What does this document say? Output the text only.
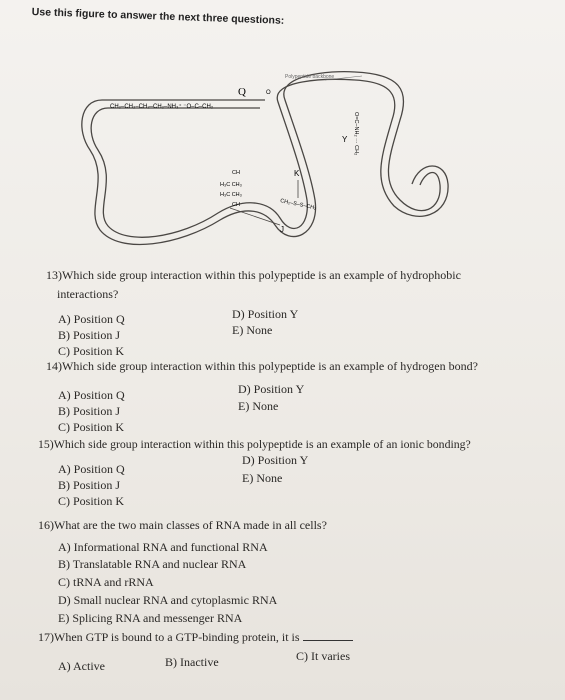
Use this figure to answer the next three questions:
Q	O
CH₂–CH₂–CH₂–CH₂–NH₃⁺ ⁻O–C–CH₂
Polypeptide backbone
Y O=C–NH₂ ··· CH₂
CH
H₃C CH₃
H₃C CH₃
CH
J
K
CH₂–S–S–CH₂
13)Which side group interaction within this polypeptide is an example of hydrophobic
interactions?
A) Position Q
B) Position J
C) Position K
D) Position Y
E) None
14)Which side group interaction within this polypeptide is an example of hydrogen bond?
A) Position Q
B) Position J
C) Position K
D) Position Y
E) None
15)Which side group interaction within this polypeptide is an example of an ionic bonding?
A) Position Q
B) Position J
C) Position K
D) Position Y
E) None
16)What are the two main classes of RNA made in all cells?
A) Informational RNA and functional RNA
B) Translatable RNA and nuclear RNA
C) tRNA and rRNA
D) Small nuclear RNA and cytoplasmic RNA
E) Splicing RNA and messenger RNA
17)When GTP is bound to a GTP-binding protein, it is
A) Active	B) Inactive	C) It varies
